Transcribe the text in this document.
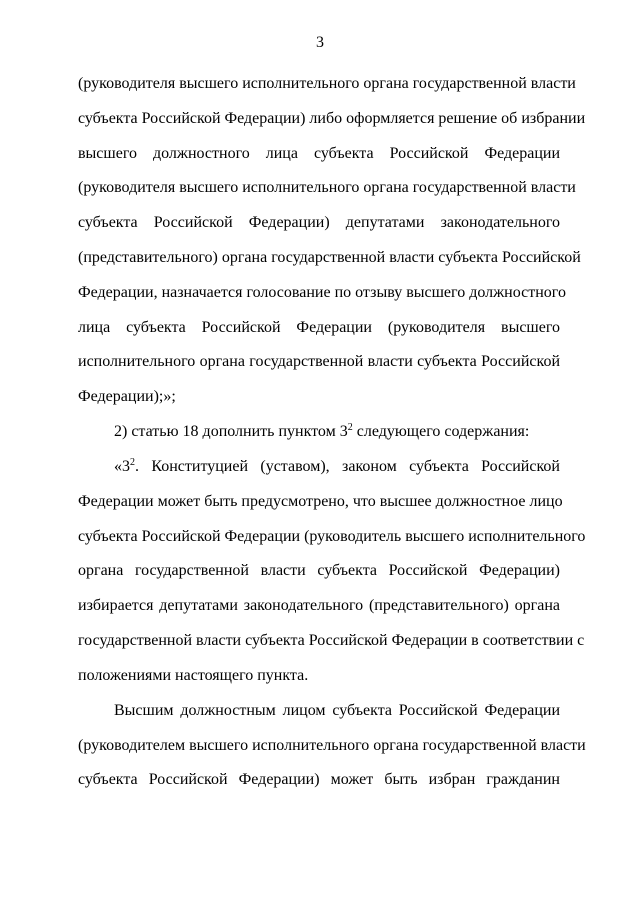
3
(руководителя высшего исполнительного органа государственной власти
субъекта Российской Федерации) либо оформляется решение об избрании
высшего должностного лица субъекта Российской Федерации
(руководителя высшего исполнительного органа государственной власти
субъекта Российской Федерации) депутатами законодательного
(представительного) органа государственной власти субъекта Российской
Федерации, назначается голосование по отзыву высшего должностного
лица субъекта Российской Федерации (руководителя высшего
исполнительного органа государственной власти субъекта Российской
Федерации);»;
2) статью 18 дополнить пунктом $3^2$ следующего содержания:
«$3^2$. Конституцией (уставом), законом субъекта Российской
Федерации может быть предусмотрено, что высшее должностное лицо
субъекта Российской Федерации (руководитель высшего исполнительного
органа государственной власти субъекта Российской Федерации)
избирается депутатами законодательного (представительного) органа
государственной власти субъекта Российской Федерации в соответствии с
положениями настоящего пункта.
Высшим должностным лицом субъекта Российской Федерации
(руководителем высшего исполнительного органа государственной власти
субъекта Российской Федерации) может быть избран гражданин
